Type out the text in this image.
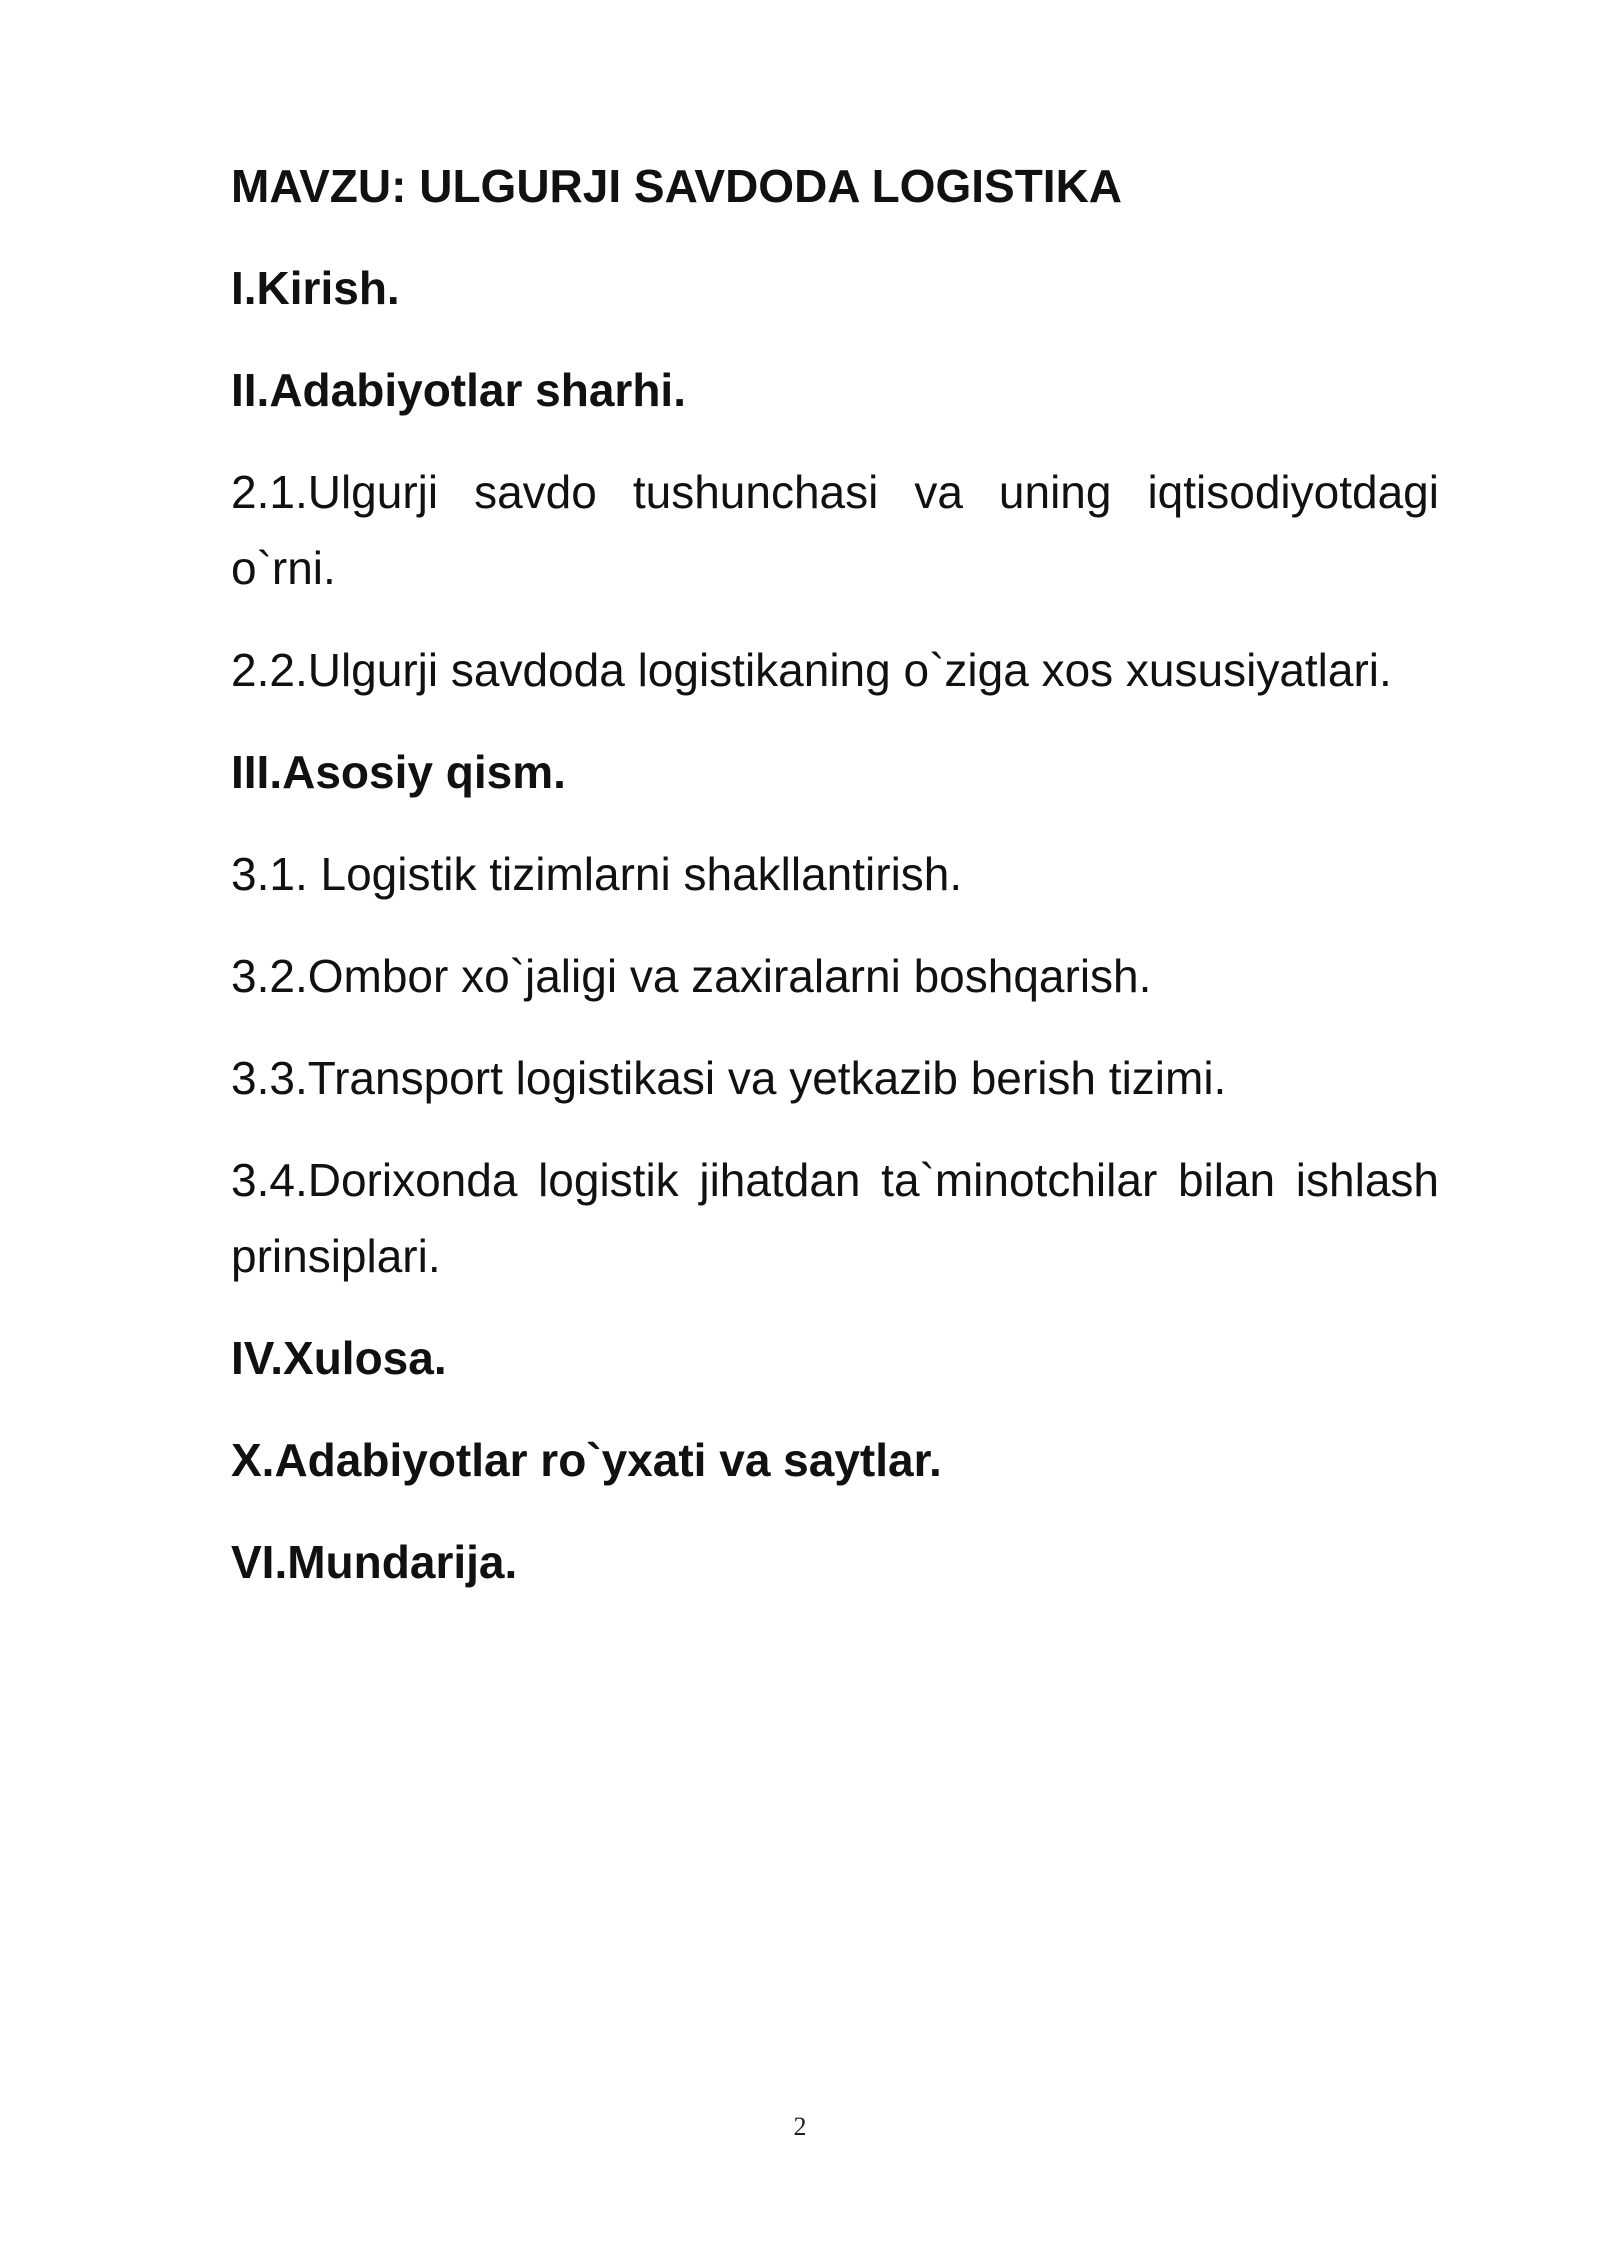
MAVZU: ULGURJI SAVDODA LOGISTIKA
I.Kirish.
II.Adabiyotlar sharhi.
2.1.Ulgurji savdo tushunchasi va uning iqtisodiyotdagi o`rni.
2.2.Ulgurji savdoda logistikaning o`ziga xos xususiyatlari.
III.Asosiy qism.
3.1. Logistik tizimlarni shakllantirish.
3.2.Ombor xo`jaligi va zaxiralarni boshqarish.
3.3.Transport logistikasi va yetkazib berish tizimi.
3.4.Dorixonda logistik jihatdan ta`minotchilar bilan ishlash prinsiplari.
IV.Xulosa.
X.Adabiyotlar ro`yxati va saytlar.
VI.Mundarija.
2
